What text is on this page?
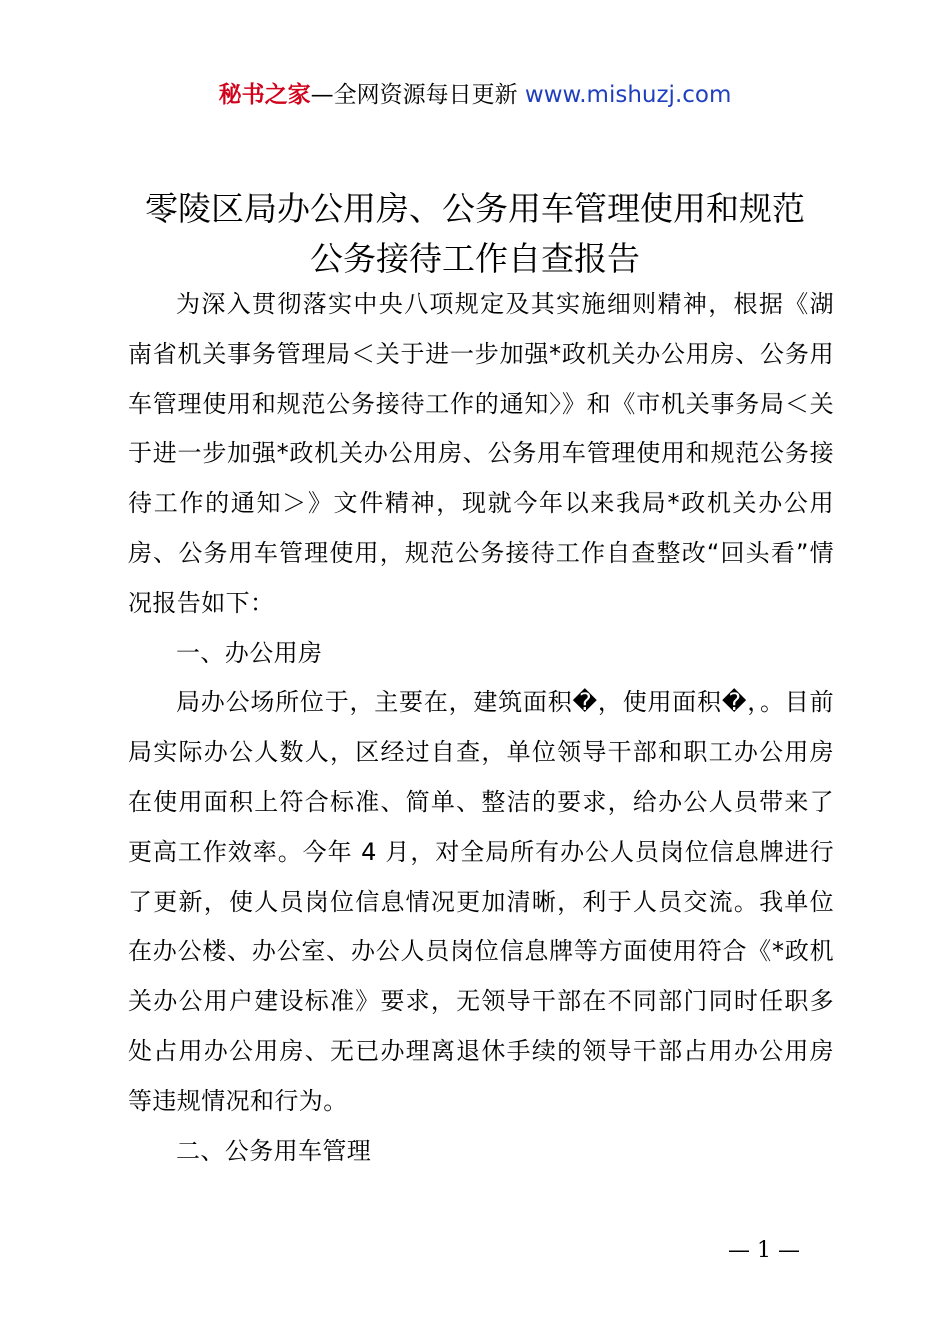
秘书之家—全网资源每日更新 www.mishuzj.com
零陵区局办公用房、公务用车管理使用和规范
公务接待工作自查报告

为深入贯彻落实中央八项规定及其实施细则精神，根据《湖南省机关事务管理局＜关于进一步加强*政机关办公用房、公务用车管理使用和规范公务接待工作的通知〉》和《市机关事务局＜关于进一步加强*政机关办公用房、公务用车管理使用和规范公务接待工作的通知＞》文件精神，现就今年以来我局*政机关办公用房、公务用车管理使用，规范公务接待工作自查整改“回头看”情况报告如下：

一、办公用房

局办公场所位于，主要在，建筑面积�，使用面积�，。目前局实际办公人数人，区经过自查，单位领导干部和职工办公用房在使用面积上符合标准、简单、整洁的要求，给办公人员带来了更高工作效率。今年 4 月，对全局所有办公人员岗位信息牌进行了更新，使人员岗位信息情况更加清晰，利于人员交流。我单位在办公楼、办公室、办公人员岗位信息牌等方面使用符合《*政机关办公用户建设标准》要求，无领导干部在不同部门同时任职多处占用办公用房、无已办理离退休手续的领导干部占用办公用房等违规情况和行为。

二、公务用车管理

— 1 —
